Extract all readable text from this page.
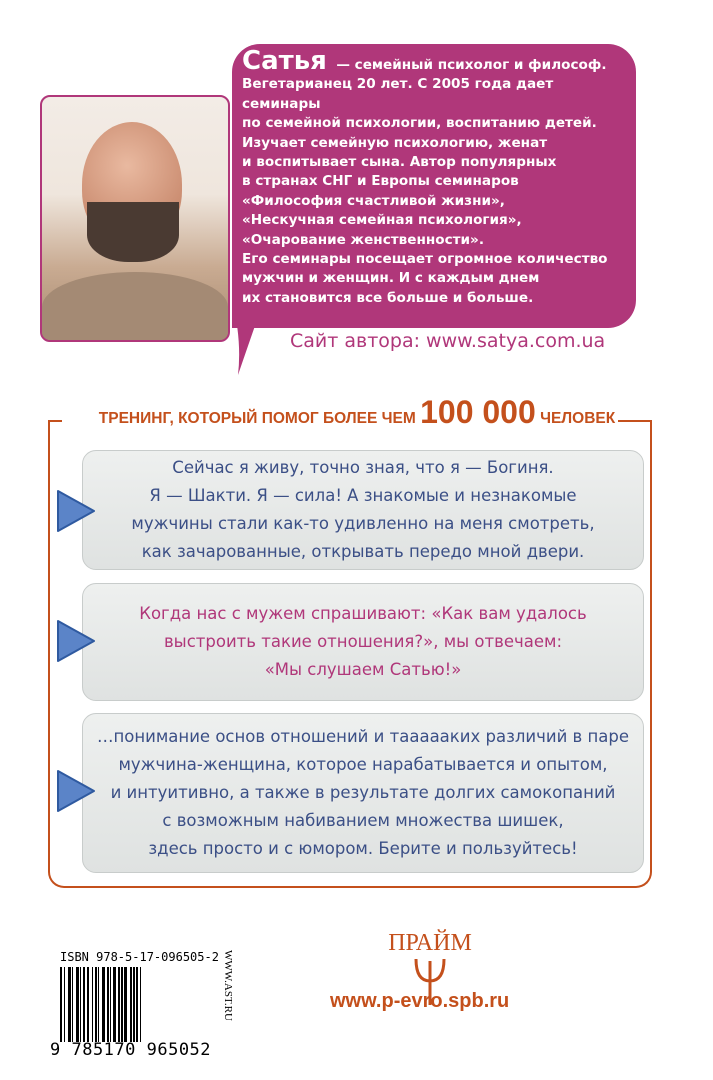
Сатья — семейный психолог и философ.
Вегетарианец 20 лет. С 2005 года дает семинары
по семейной психологии, воспитанию детей.
Изучает семейную психологию, женат
и воспитывает сына. Автор популярных
в странах СНГ и Европы семинаров
«Философия счастливой жизни»,
«Нескучная семейная психология»,
«Очарование женственности».
Его семинары посещает огромное количество
мужчин и женщин. И с каждым днем
их становится все больше и больше.
Сайт автора: www.satya.com.ua
ТРЕНИНГ, КОТОРЫЙ ПОМОГ БОЛЕЕ ЧЕМ 100 000 ЧЕЛОВЕК
Сейчас я живу, точно зная, что я — Богиня.
Я — Шакти. Я — сила! А знакомые и незнакомые
мужчины стали как-то удивленно на меня смотреть,
как зачарованные, открывать передо мной двери.
Когда нас с мужем спрашивают: «Как вам удалось
выстроить такие отношения?», мы отвечаем:
«Мы слушаем Сатью!»
…понимание основ отношений и таааааких различий в паре
мужчина-женщина, которое нарабатывается и опытом,
и интуитивно, а также в результате долгих самокопаний
с возможным набиванием множества шишек,
здесь просто и с юмором. Берите и пользуйтесь!
ISBN 978-5-17-096505-2
9 785170 965052
WWW.AST.RU
ПРАЙМ
www.p-evro.spb.ru
